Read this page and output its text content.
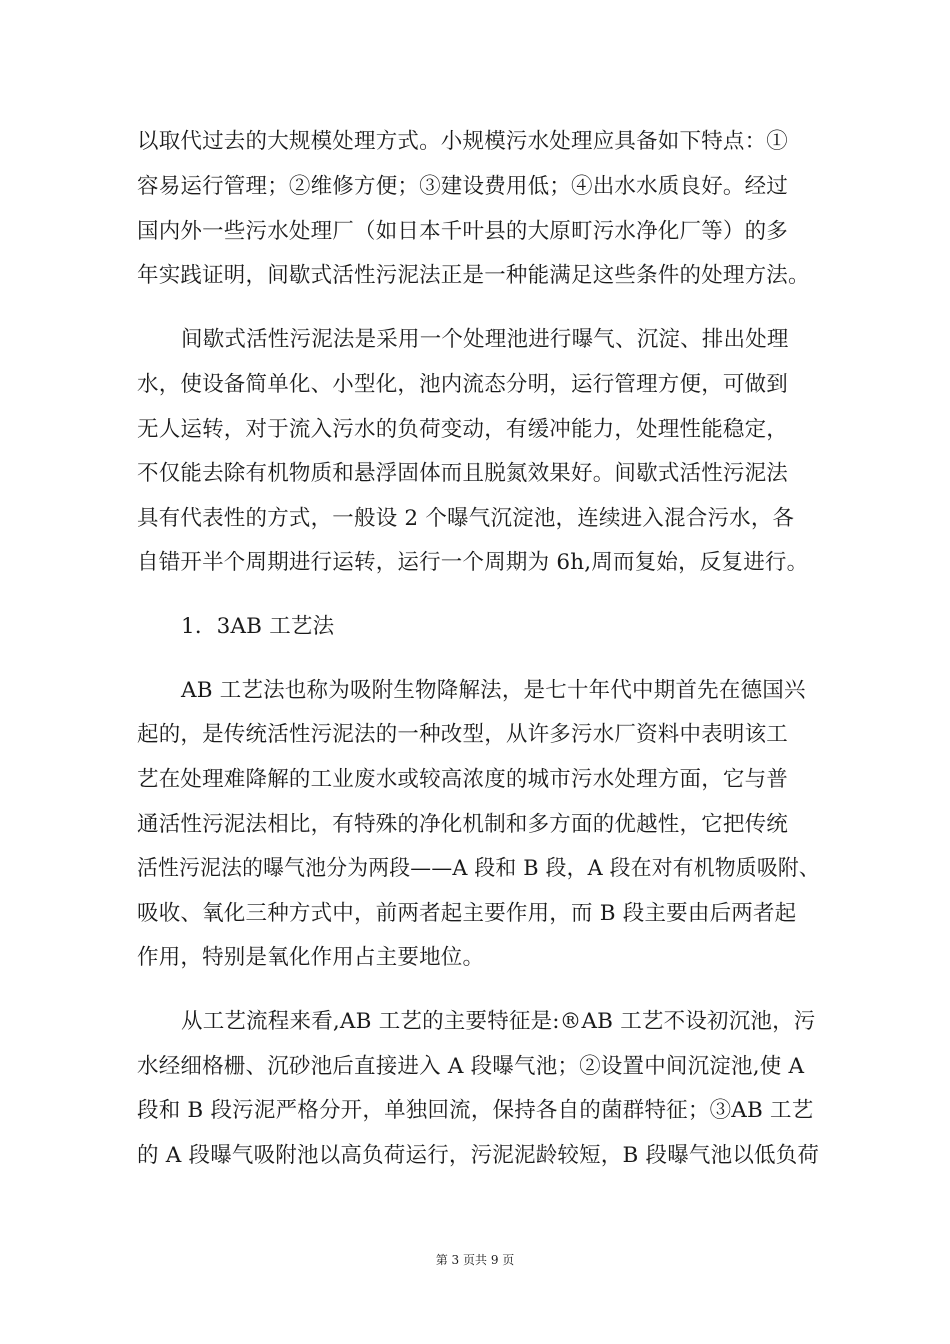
以取代过去的大规模处理方式。小规模污水处理应具备如下特点：①
容易运行管理；②维修方便；③建设费用低；④出水水质良好。经过
国内外一些污水处理厂（如日本千叶县的大原町污水净化厂等）的多
年实践证明，间歇式活性污泥法正是一种能满足这些条件的处理方法。
间歇式活性污泥法是采用一个处理池进行曝气、沉淀、排出处理
水，使设备简单化、小型化，池内流态分明，运行管理方便，可做到
无人运转，对于流入污水的负荷变动，有缓冲能力，处理性能稳定，
不仅能去除有机物质和悬浮固体而且脱氮效果好。间歇式活性污泥法
具有代表性的方式，一般设 2 个曝气沉淀池，连续进入混合污水，各
自错开半个周期进行运转，运行一个周期为 6h,周而复始，反复进行。
1．3AB 工艺法
AB 工艺法也称为吸附生物降解法，是七十年代中期首先在德国兴
起的，是传统活性污泥法的一种改型，从许多污水厂资料中表明该工
艺在处理难降解的工业废水或较高浓度的城市污水处理方面，它与普
通活性污泥法相比，有特殊的净化机制和多方面的优越性，它把传统
活性污泥法的曝气池分为两段——A 段和 B 段，A 段在对有机物质吸附、
吸收、氧化三种方式中，前两者起主要作用，而 B 段主要由后两者起
作用，特别是氧化作用占主要地位。
从工艺流程来看,AB 工艺的主要特征是:®AB 工艺不设初沉池，污
水经细格栅、沉砂池后直接进入 A 段曝气池；②设置中间沉淀池,使 A
段和 B 段污泥严格分开，单独回流，保持各自的菌群特征；③AB 工艺
的 A 段曝气吸附池以高负荷运行，污泥泥龄较短，B 段曝气池以低负荷
第 3 页共 9 页
